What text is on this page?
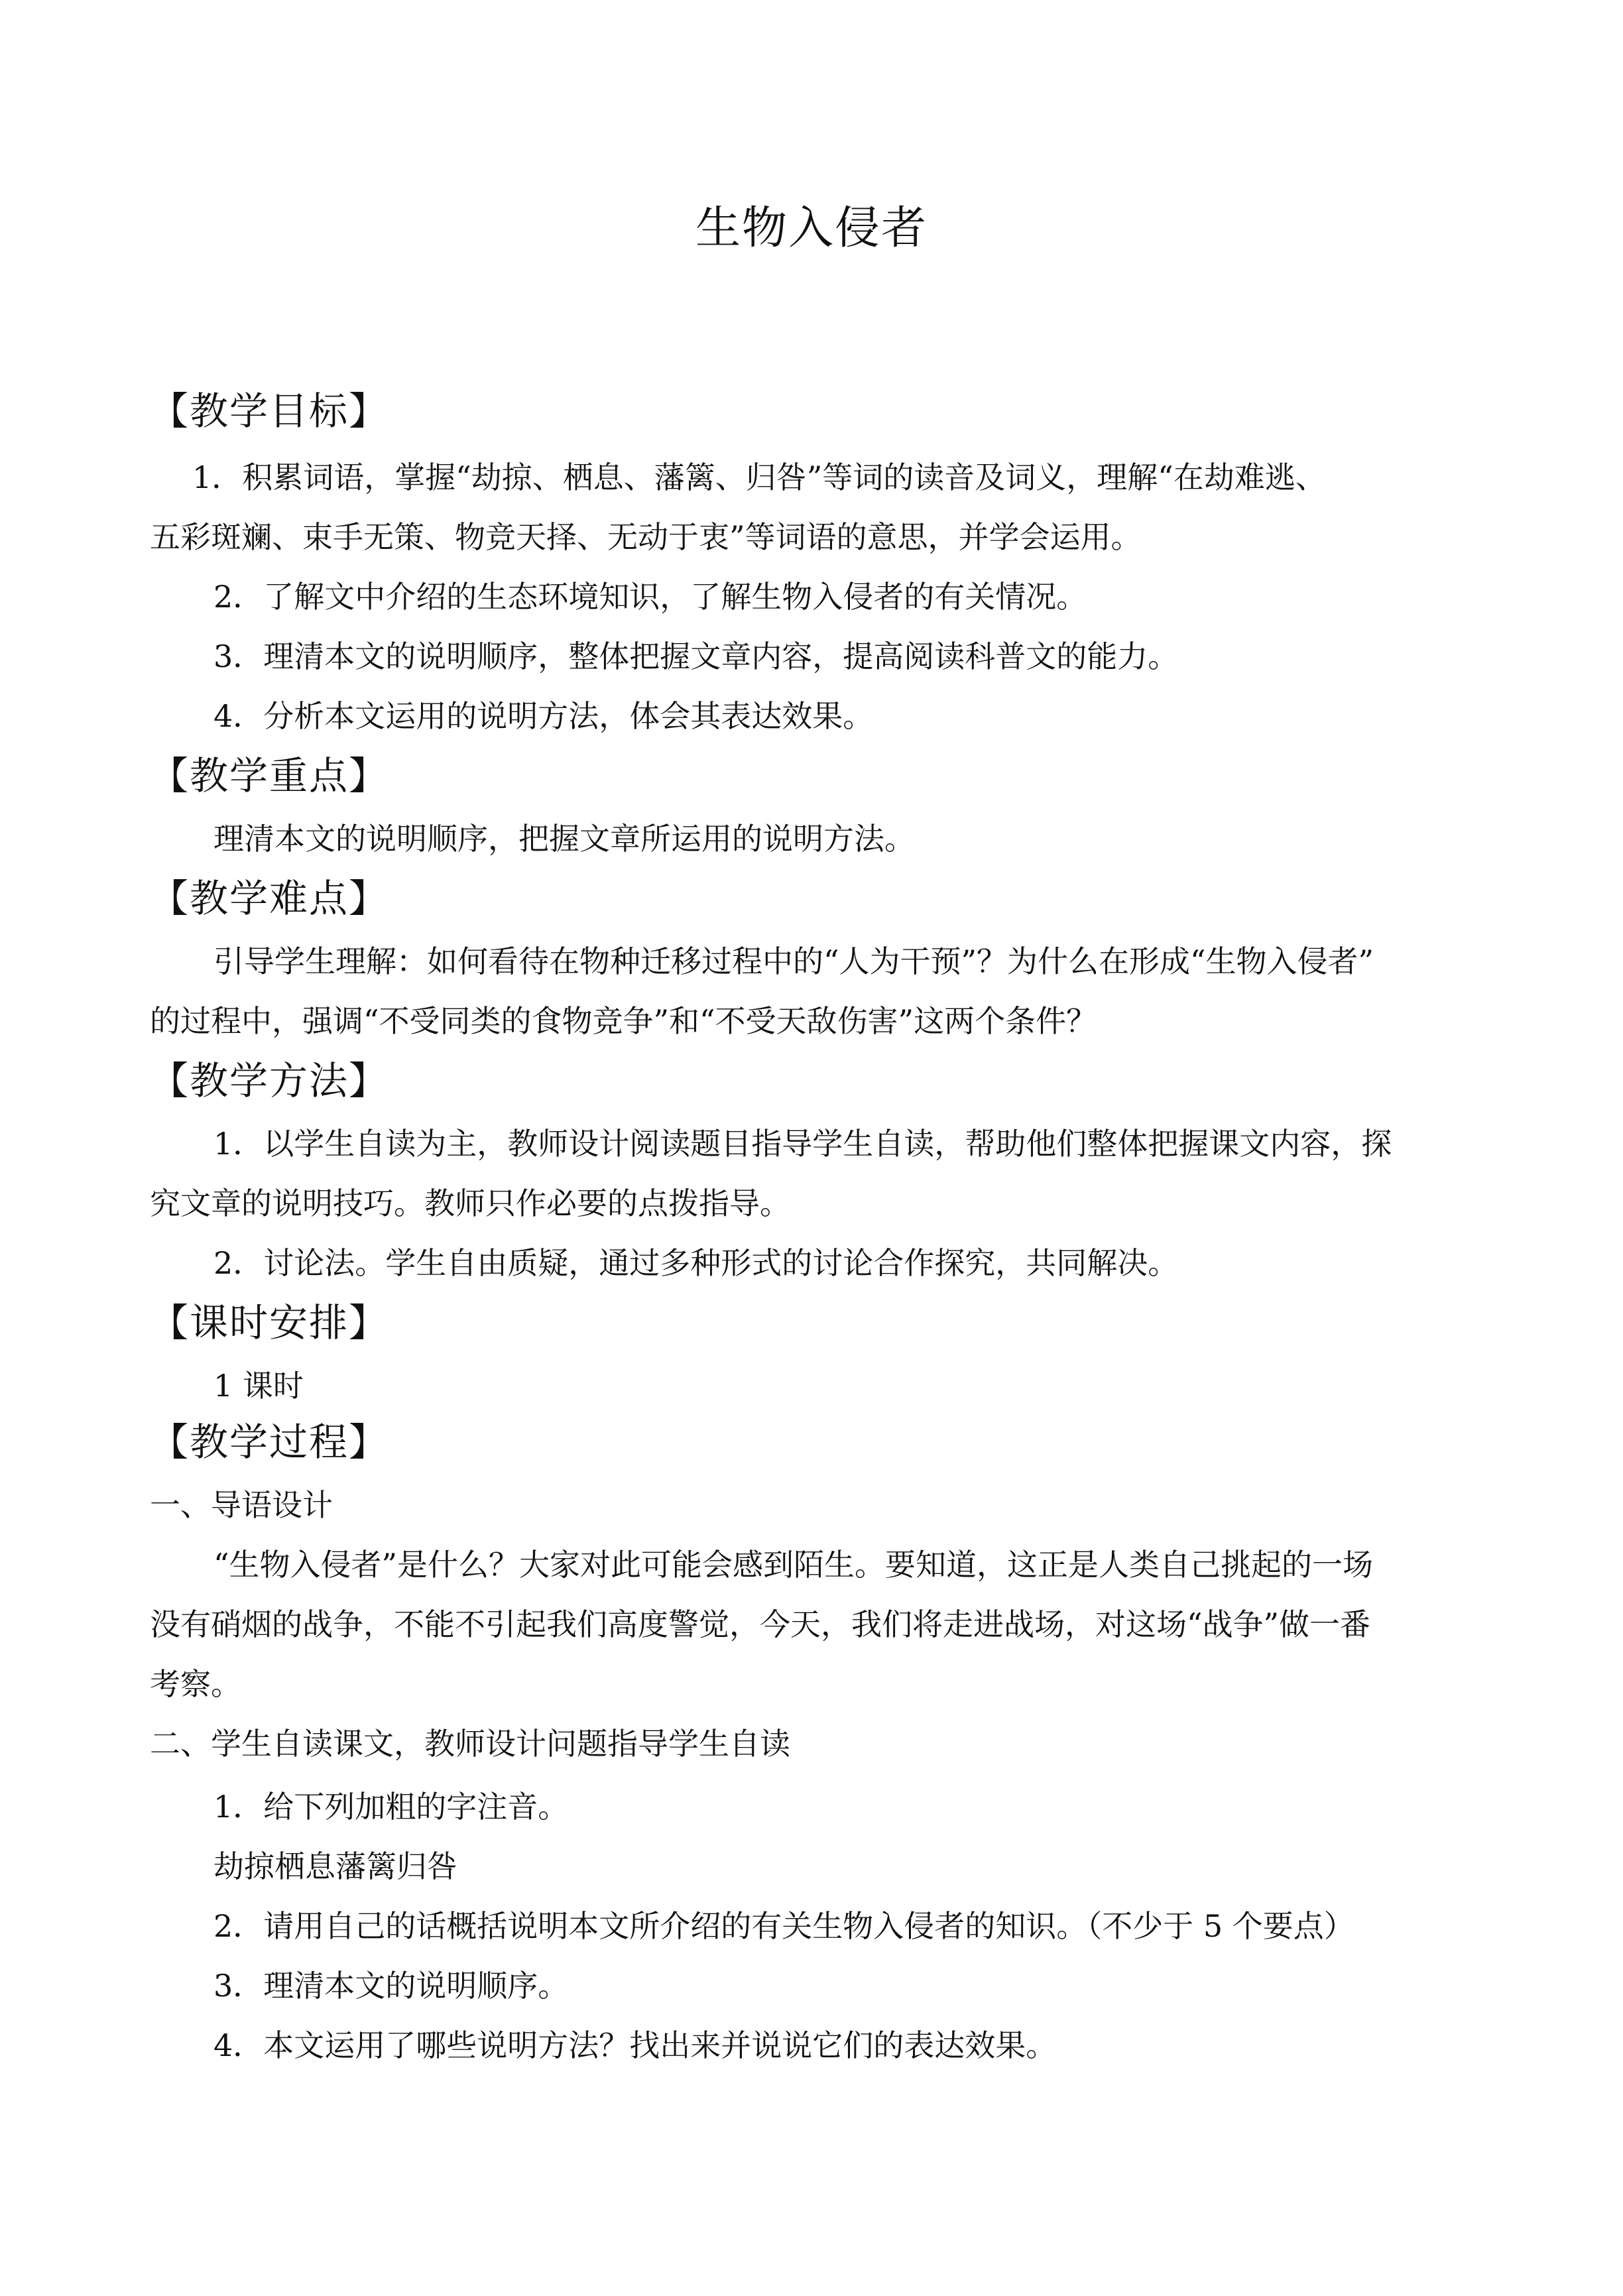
生物入侵者
【教学目标】
1．积累词语，掌握“劫掠、栖息、藩篱、归咎”等词的读音及词义，理解“在劫难逃、
五彩斑斓、束手无策、物竞天择、无动于衷”等词语的意思，并学会运用。
2．了解文中介绍的生态环境知识，了解生物入侵者的有关情况。
3．理清本文的说明顺序，整体把握文章内容，提高阅读科普文的能力。
4．分析本文运用的说明方法，体会其表达效果。
【教学重点】
理清本文的说明顺序，把握文章所运用的说明方法。
【教学难点】
引导学生理解：如何看待在物种迁移过程中的“人为干预”？为什么在形成“生物入侵者”
的过程中，强调“不受同类的食物竞争”和“不受天敌伤害”这两个条件？
【教学方法】
1．以学生自读为主，教师设计阅读题目指导学生自读，帮助他们整体把握课文内容，探
究文章的说明技巧。教师只作必要的点拨指导。
2．讨论法。学生自由质疑，通过多种形式的讨论合作探究，共同解决。
【课时安排】
1 课时
【教学过程】
一、导语设计
“生物入侵者”是什么？大家对此可能会感到陌生。要知道，这正是人类自己挑起的一场
没有硝烟的战争，不能不引起我们高度警觉，今天，我们将走进战场，对这场“战争”做一番
考察。
二、学生自读课文，教师设计问题指导学生自读
1．给下列加粗的字注音。
劫掠栖息藩篱归咎
2．请用自己的话概括说明本文所介绍的有关生物入侵者的知识。（不少于 5 个要点）
3．理清本文的说明顺序。
4．本文运用了哪些说明方法？找出来并说说它们的表达效果。
